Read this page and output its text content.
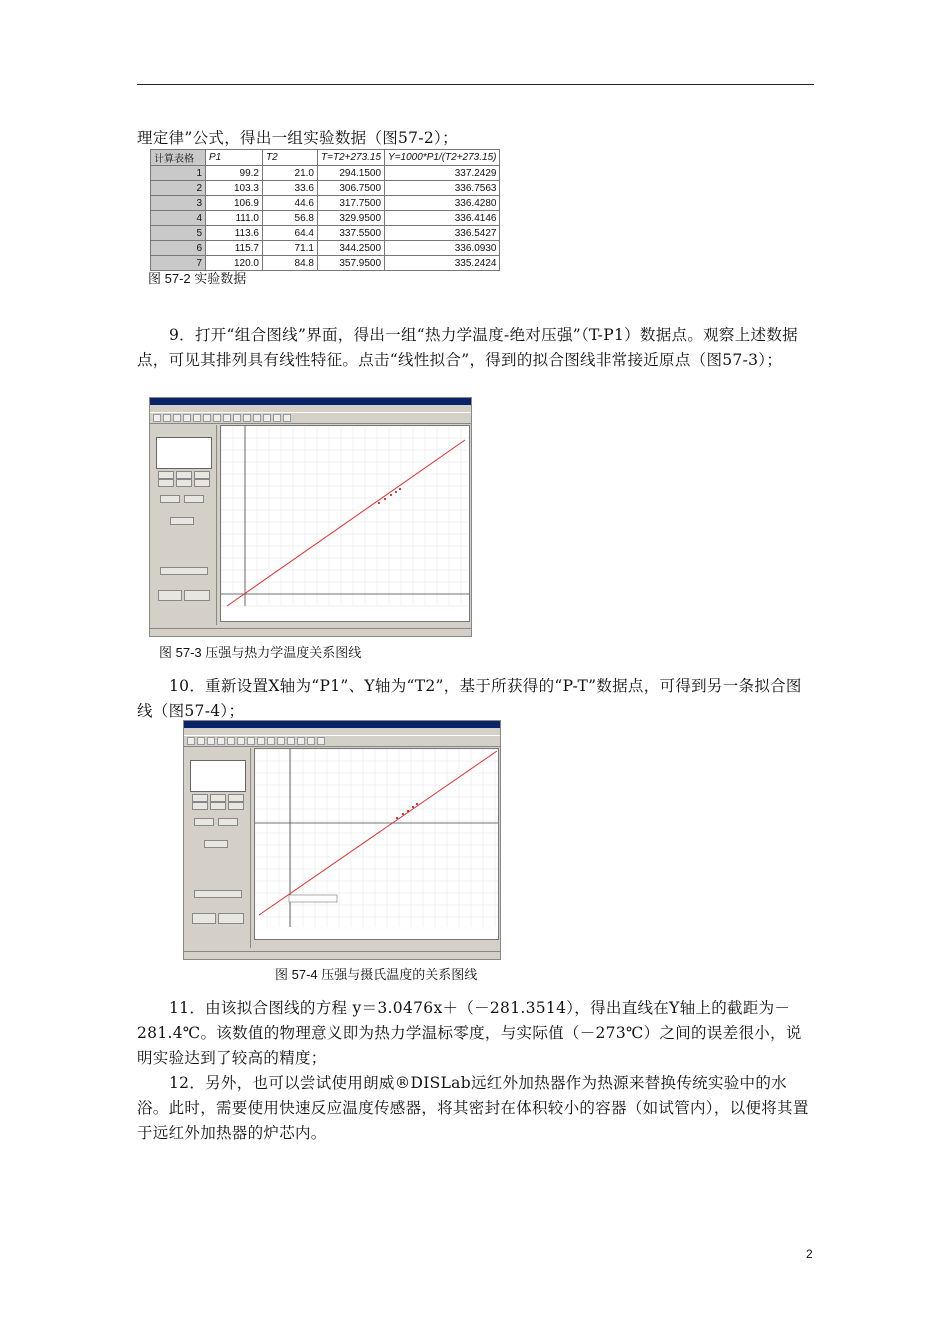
理定律”公式，得出一组实验数据（图57-2）；
计算表格	P1	T2	T=T2+273.15	Y=1000*P1/(T2+273.15)
1	99.2	21.0	294.1500	337.2429
2	103.3	33.6	306.7500	336.7563
3	106.9	44.6	317.7500	336.4280
4	111.0	56.8	329.9500	336.4146
5	113.6	64.4	337.5500	336.5427
6	115.7	71.1	344.2500	336.0930
7	120.0	84.8	357.9500	335.2424
图 57-2 实验数据
9．打开“组合图线”界面，得出一组“热力学温度-绝对压强”（T-P1）数据点。观察上述数据点，可见其排列具有线性特征。点击“线性拟合”，得到的拟合图线非常接近原点（图57-3）；
图 57-3 压强与热力学温度关系图线
10．重新设置X轴为“P1”、Y轴为“T2”，基于所获得的“P-T”数据点，可得到另一条拟合图线（图57-4）；
图 57-4 压强与摄氏温度的关系图线
11．由该拟合图线的方程 y＝3.0476x＋（－281.3514），得出直线在Y轴上的截距为－281.4℃。该数值的物理意义即为热力学温标零度，与实际值（－273℃）之间的误差很小，说明实验达到了较高的精度；
12．另外，也可以尝试使用朗威®DISLab远红外加热器作为热源来替换传统实验中的水浴。此时，需要使用快速反应温度传感器，将其密封在体积较小的容器（如试管内），以便将其置于远红外加热器的炉芯内。
2
